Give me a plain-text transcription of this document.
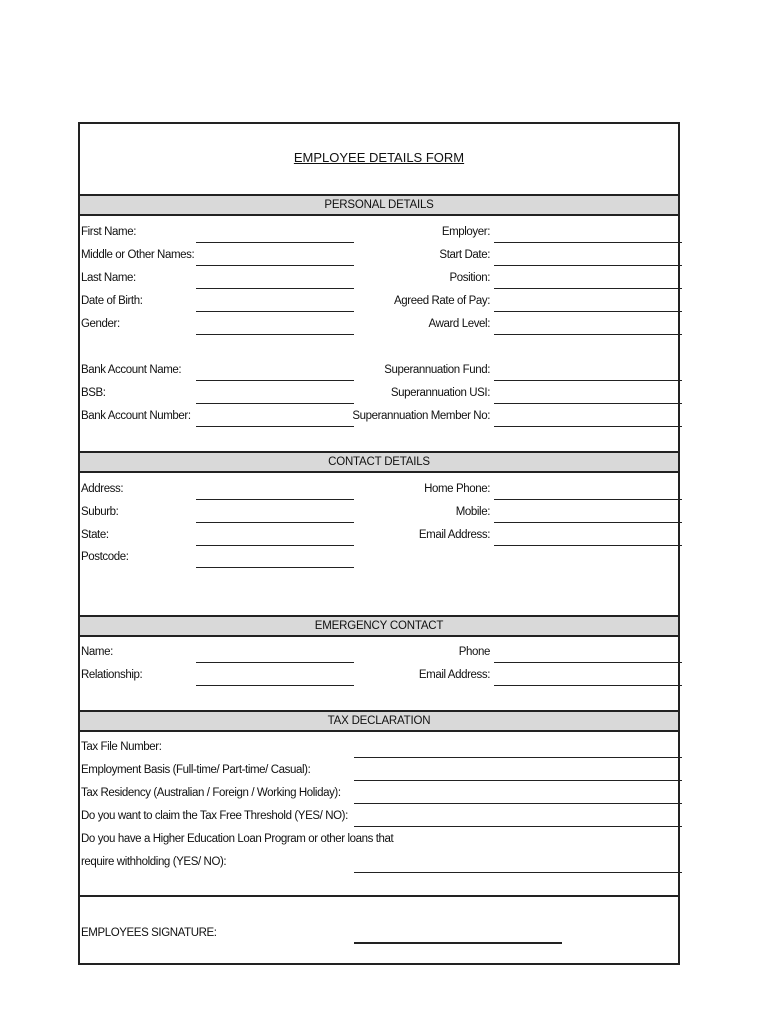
EMPLOYEE DETAILS FORM
PERSONAL DETAILS
First Name:
Middle or Other Names:
Last Name:
Date of Birth:
Gender:
Employer:
Start Date:
Position:
Agreed Rate of Pay:
Award Level:
Bank Account Name:
BSB:
Bank Account Number:
Superannuation Fund:
Superannuation USI:
Superannuation Member No:
CONTACT DETAILS
Address:
Suburb:
State:
Postcode:
Home Phone:
Mobile:
Email Address:
EMERGENCY CONTACT
Name:
Relationship:
Phone
Email Address:
TAX DECLARATION
Tax File Number:
Employment Basis (Full-time/ Part-time/ Casual):
Tax Residency (Australian / Foreign / Working Holiday):
Do you want to claim the Tax Free Threshold (YES/ NO):
Do you have a Higher Education Loan Program or other loans that
require withholding (YES/ NO):
EMPLOYEES SIGNATURE:
